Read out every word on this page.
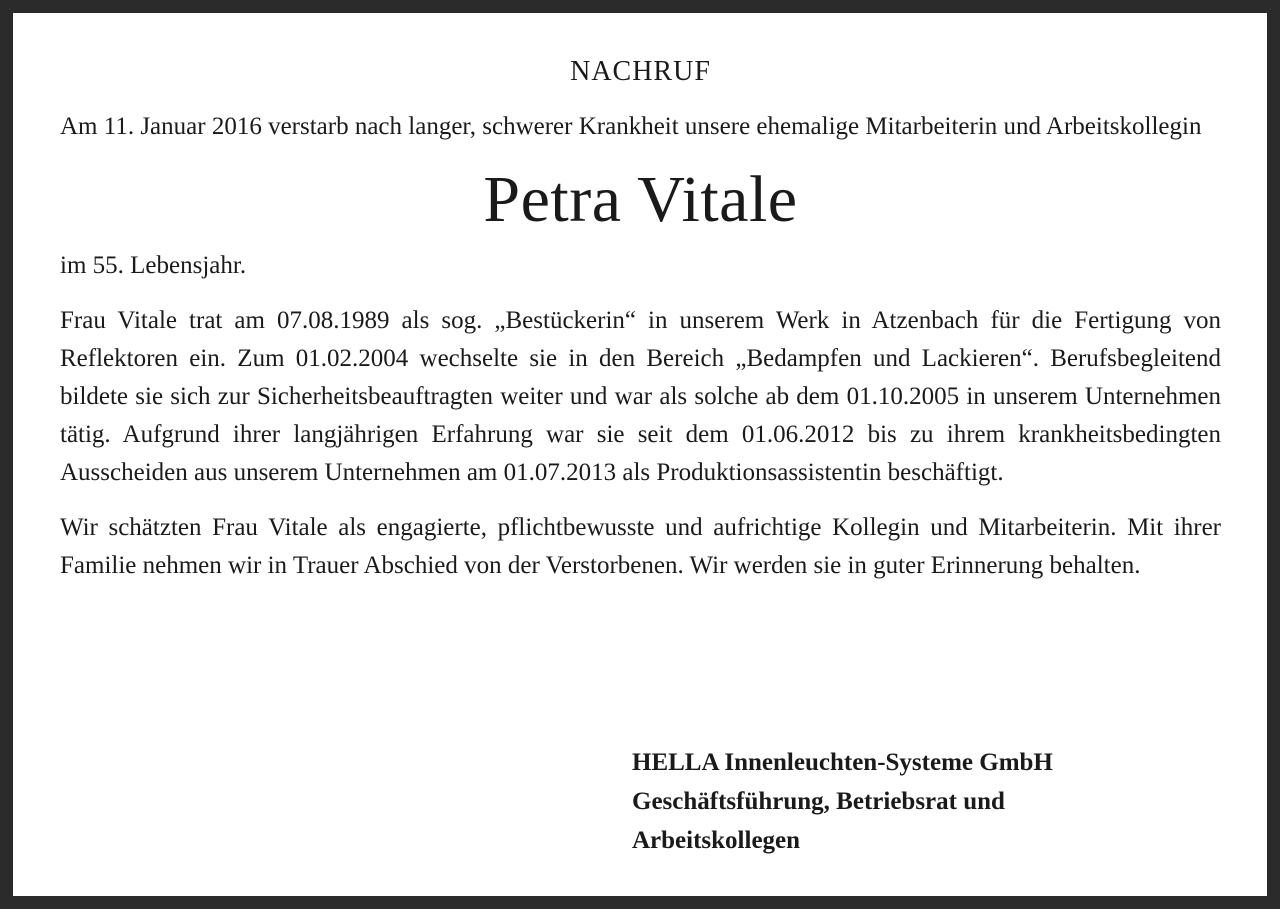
NACHRUF
Am 11. Januar 2016 verstarb nach langer, schwerer Krankheit unsere ehemalige Mitarbeiterin und Arbeitskollegin
Petra Vitale
im 55. Lebensjahr.
Frau Vitale trat am 07.08.1989 als sog. „Bestückerin“ in unserem Werk in Atzenbach für die Fertigung von Reflektoren ein. Zum 01.02.2004 wechselte sie in den Bereich „Bedampfen und Lackieren“. Berufsbegleitend bildete sie sich zur Sicherheitsbeauftragten weiter und war als solche ab dem 01.10.2005 in unserem Unternehmen tätig. Aufgrund ihrer langjährigen Erfahrung war sie seit dem 01.06.2012 bis zu ihrem krankheitsbedingten Ausscheiden aus unserem Unternehmen am 01.07.2013 als Produktionsassistentin beschäftigt.
Wir schätzten Frau Vitale als engagierte, pflichtbewusste und aufrichtige Kollegin und Mitarbeiterin. Mit ihrer Familie nehmen wir in Trauer Abschied von der Verstorbenen. Wir werden sie in guter Erinnerung behalten.
HELLA Innenleuchten-Systeme GmbH
Geschäftsführung, Betriebsrat und
Arbeitskollegen
